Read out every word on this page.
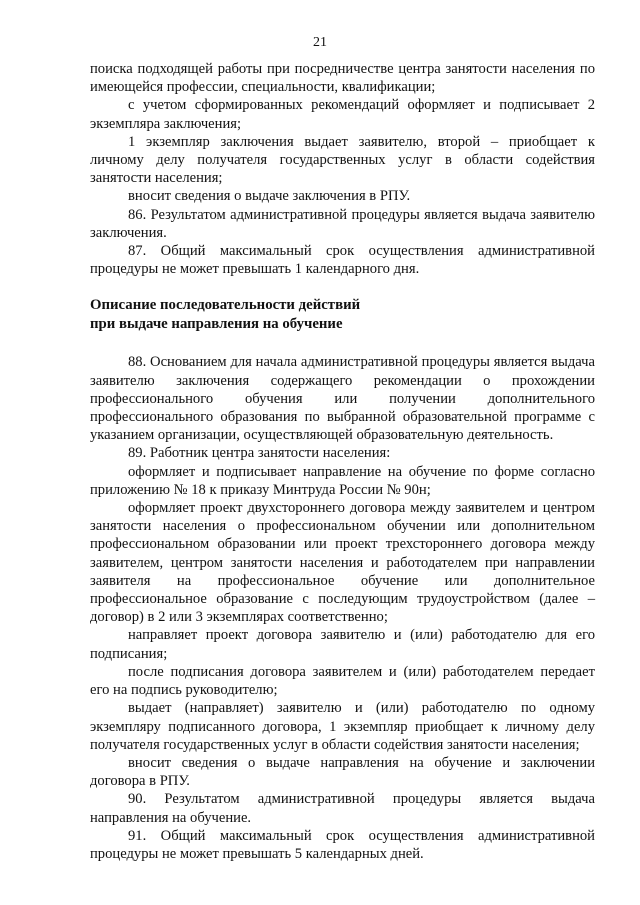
21

поиска подходящей работы при посредничестве центра занятости населения по имеющейся профессии, специальности, квалификации;

с учетом сформированных рекомендаций оформляет и подписывает 2 экземпляра заключения;

1 экземпляр заключения выдает заявителю, второй – приобщает к личному делу получателя государственных услуг в области содействия занятости населения;

вносит сведения о выдаче заключения в РПУ.

86. Результатом административной процедуры является выдача заявителю заключения.

87. Общий максимальный срок осуществления административной процедуры не может превышать 1 календарного дня.

Описание последовательности действий

при выдаче направления на обучение

88. Основанием для начала административной процедуры является выдача заявителю заключения содержащего рекомендации о прохождении профессионального обучения или получении дополнительного профессионального образования по выбранной образовательной программе с указанием организации, осуществляющей образовательную деятельность.

89. Работник центра занятости населения:

оформляет и подписывает направление на обучение по форме согласно приложению № 18 к приказу Минтруда России № 90н;

оформляет проект двухстороннего договора между заявителем и центром занятости населения о профессиональном обучении или дополнительном профессиональном образовании или проект трехстороннего договора между заявителем, центром занятости населения и работодателем при направлении заявителя на профессиональное обучение или дополнительное профессиональное образование с последующим трудоустройством (далее – договор) в 2 или 3 экземплярах соответственно;

направляет проект договора заявителю и (или) работодателю для его подписания;

после подписания договора заявителем и (или) работодателем передает его на подпись руководителю;

выдает (направляет) заявителю и (или) работодателю по одному экземпляру подписанного договора, 1 экземпляр приобщает к личному делу получателя государственных услуг в области содействия занятости населения;

вносит сведения о выдаче направления на обучение и заключении договора в РПУ.

90. Результатом административной процедуры является выдача направления на обучение.

91. Общий максимальный срок осуществления административной процедуры не может превышать 5 календарных дней.
